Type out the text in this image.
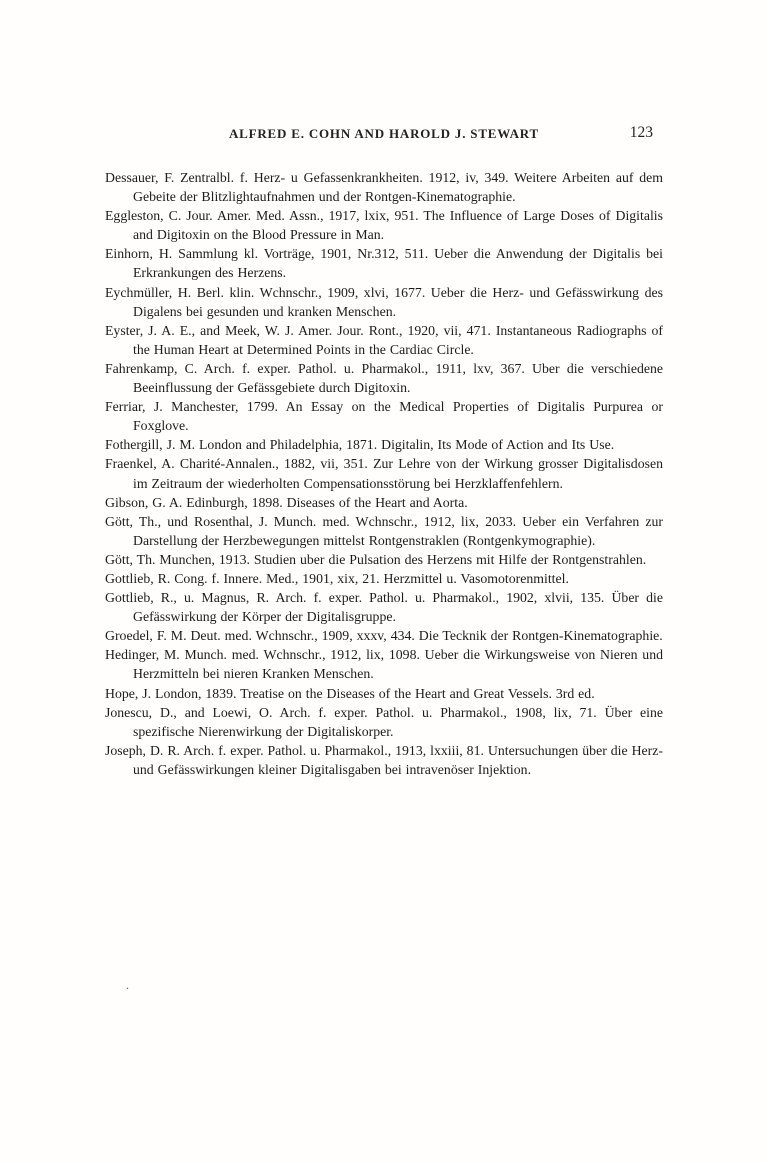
ALFRED E. COHN AND HAROLD J. STEWART	123

Dessauer, F. Zentralbl. f. Herz- u Gefassenkrankheiten. 1912, iv, 349. Weitere Arbeiten auf dem Gebeite der Blitzlightaufnahmen und der Rontgen-Kinematographie.

Eggleston, C. Jour. Amer. Med. Assn., 1917, lxix, 951. The Influence of Large Doses of Digitalis and Digitoxin on the Blood Pressure in Man.

Einhorn, H. Sammlung kl. Vorträge, 1901, Nr.312, 511. Ueber die Anwendung der Digitalis bei Erkrankungen des Herzens.

Eychmüller, H. Berl. klin. Wchnschr., 1909, xlvi, 1677. Ueber die Herz- und Gefässwirkung des Digalens bei gesunden und kranken Menschen.

Eyster, J. A. E., and Meek, W. J. Amer. Jour. Ront., 1920, vii, 471. Instantaneous Radiographs of the Human Heart at Determined Points in the Cardiac Circle.

Fahrenkamp, C. Arch. f. exper. Pathol. u. Pharmakol., 1911, lxv, 367. Uber die verschiedene Beeinflussung der Gefässgebiete durch Digitoxin.

Ferriar, J. Manchester, 1799. An Essay on the Medical Properties of Digitalis Purpurea or Foxglove.

Fothergill, J. M. London and Philadelphia, 1871. Digitalin, Its Mode of Action and Its Use.

Fraenkel, A. Charité-Annalen., 1882, vii, 351. Zur Lehre von der Wirkung grosser Digitalisdosen im Zeitraum der wiederholten Compensationsstörung bei Herzklaffenfehlern.

Gibson, G. A. Edinburgh, 1898. Diseases of the Heart and Aorta.

Gött, Th., und Rosenthal, J. Munch. med. Wchnschr., 1912, lix, 2033. Ueber ein Verfahren zur Darstellung der Herzbewegungen mittelst Rontgenstraklen (Rontgenkymographie).

Gött, Th. Munchen, 1913. Studien uber die Pulsation des Herzens mit Hilfe der Rontgenstrahlen.

Gottlieb, R. Cong. f. Innere. Med., 1901, xix, 21. Herzmittel u. Vasomotorenmittel.

Gottlieb, R., u. Magnus, R. Arch. f. exper. Pathol. u. Pharmakol., 1902, xlvii, 135. Über die Gefässwirkung der Körper der Digitalisgruppe.

Groedel, F. M. Deut. med. Wchnschr., 1909, xxxv, 434. Die Tecknik der Rontgen-Kinematographie.

Hedinger, M. Munch. med. Wchnschr., 1912, lix, 1098. Ueber die Wirkungsweise von Nieren und Herzmitteln bei nieren Kranken Menschen.

Hope, J. London, 1839. Treatise on the Diseases of the Heart and Great Vessels. 3rd ed.

Jonescu, D., and Loewi, O. Arch. f. exper. Pathol. u. Pharmakol., 1908, lix, 71. Über eine spezifische Nierenwirkung der Digitaliskorper.

Joseph, D. R. Arch. f. exper. Pathol. u. Pharmakol., 1913, lxxiii, 81. Untersuchungen über die Herz- und Gefässwirkungen kleiner Digitalisgaben bei intravenöser Injektion.

.
